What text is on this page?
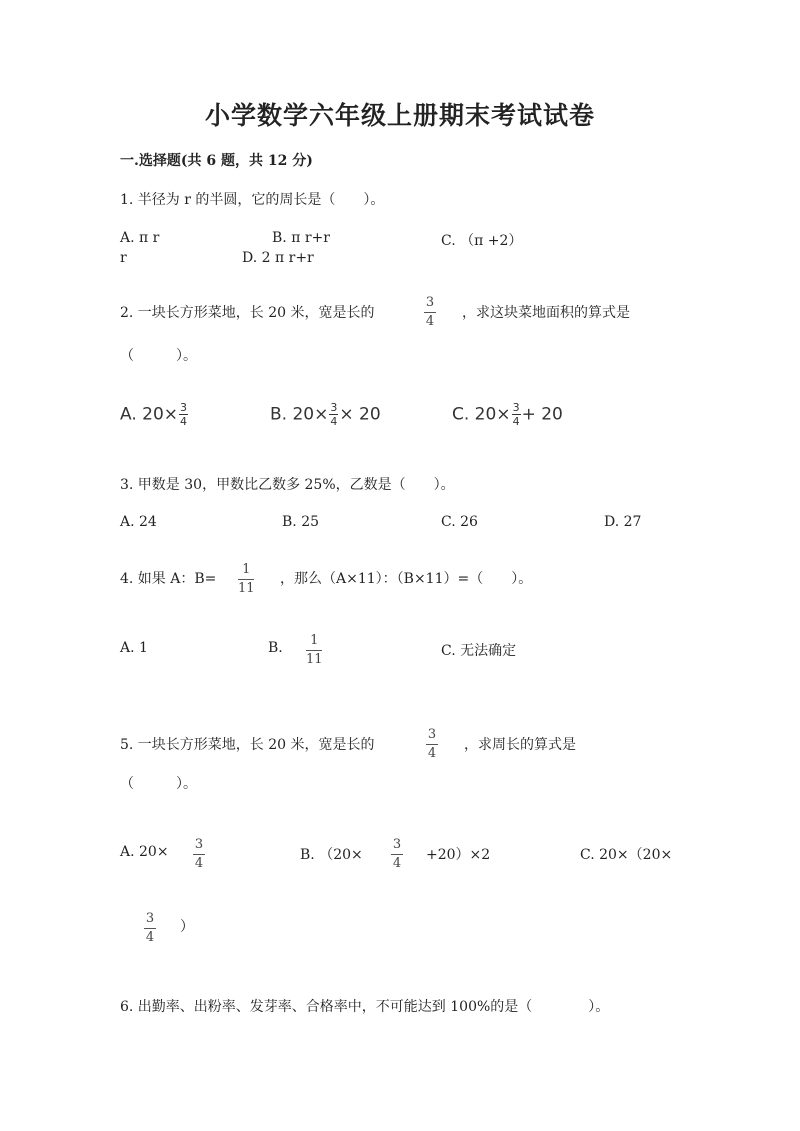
小学数学六年级上册期末考试试卷
一.选择题(共 6 题，共 12 分)
1. 半径为 r 的半圆，它的周长是（　　）。
A. π r	B. π r+r	C. （π +2）
r	D. 2 π r+r
2. 一块长方形菜地，长 20 米，宽是长的
3
4
，求这块菜地面积的算式是
（　　　）。
A. $20\times \frac{3}{4}$	B. $20\times \frac{3}{4} \times 20$	C. $20\times \frac{3}{4} + 20$
3. 甲数是 30，甲数比乙数多 25%，乙数是（　　）。
A. 24	B. 25	C. 26	D. 27
4. 如果 A：B=
1
11
，那么（A×11）：（B×11）=（　　）。
A. 1	B. 1
11
C. 无法确定
5. 一块长方形菜地，长 20 米，宽是长的
3
4
，求周长的算式是
（　　　）。
A. 20× 3
4
B. （20×
3
4
+20）×2	C. 20×（20×
3
4
）
6. 出勤率、出粉率、发芽率、合格率中，不可能达到 100%的是（　　　　）。
